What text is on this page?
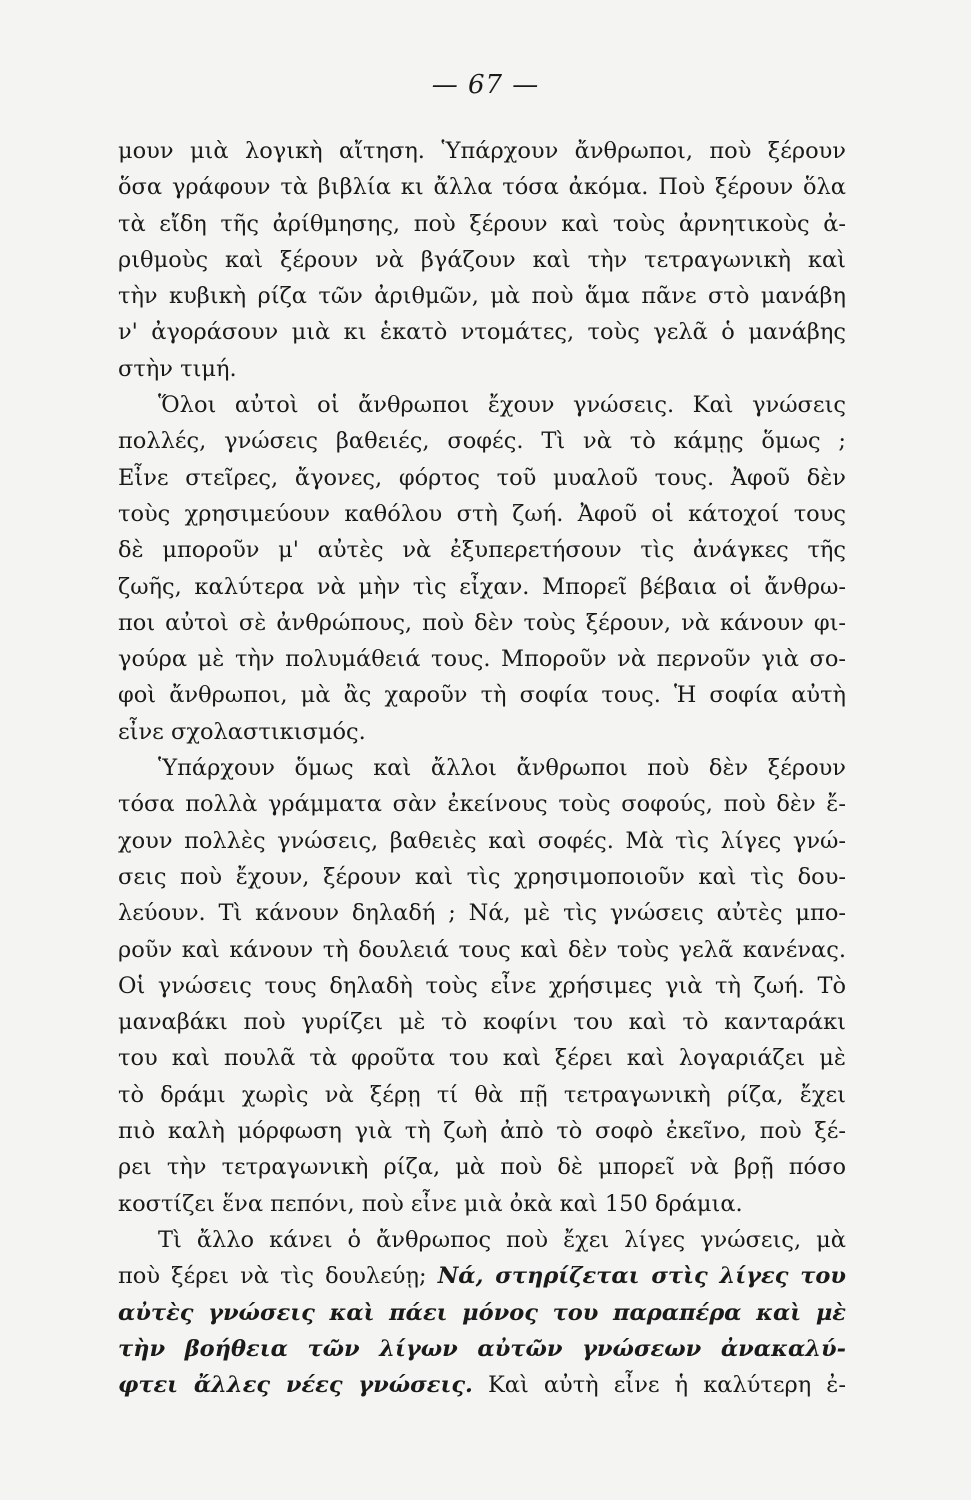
— 67 —
μουν μιὰ λογικὴ αἴτηση. Ὑπάρχουν ἄνθρωποι, ποὺ ξέρουν
ὅσα γράφουν τὰ βιβλία κι ἄλλα τόσα ἀκόμα. Ποὺ ξέρουν ὅλα
τὰ εἴδη τῆς ἀρίθμησης, ποὺ ξέρουν καὶ τοὺς ἀρνητικοὺς ἀ-
ριθμοὺς καὶ ξέρουν νὰ βγάζουν καὶ τὴν τετραγωνικὴ καὶ
τὴν κυβικὴ ρίζα τῶν ἀριθμῶν, μὰ ποὺ ἅμα πᾶνε στὸ μανάβη
ν' ἀγοράσουν μιὰ κι ἑκατὸ ντομάτες, τοὺς γελᾶ ὁ μανάβης
στὴν τιμή.
Ὅλοι αὐτοὶ οἱ ἄνθρωποι ἔχουν γνώσεις. Καὶ γνώσεις
πολλές, γνώσεις βαθειές, σοφές. Τὶ νὰ τὸ κάμῃς ὅμως ;
Εἶνε στεῖρες, ἄγονες, φόρτος τοῦ μυαλοῦ τους. Ἀφοῦ δὲν
τοὺς χρησιμεύουν καθόλου στὴ ζωή. Ἀφοῦ οἱ κάτοχοί τους
δὲ μποροῦν μ' αὐτὲς νὰ ἐξυπερετήσουν τὶς ἀνάγκες τῆς
ζωῆς, καλύτερα νὰ μὴν τὶς εἶχαν. Μπορεῖ βέβαια οἱ ἄνθρω-
ποι αὐτοὶ σὲ ἀνθρώπους, ποὺ δὲν τοὺς ξέρουν, νὰ κάνουν φι-
γούρα μὲ τὴν πολυμάθειά τους. Μποροῦν νὰ περνοῦν γιὰ σο-
φοὶ ἄνθρωποι, μὰ ἂς χαροῦν τὴ σοφία τους. Ἡ σοφία αὐτὴ
εἶνε σχολαστικισμός.
Ὑπάρχουν ὅμως καὶ ἄλλοι ἄνθρωποι ποὺ δὲν ξέρουν
τόσα πολλὰ γράμματα σὰν ἐκείνους τοὺς σοφούς, ποὺ δὲν ἔ-
χουν πολλὲς γνώσεις, βαθειὲς καὶ σοφές. Μὰ τὶς λίγες γνώ-
σεις ποὺ ἔχουν, ξέρουν καὶ τὶς χρησιμοποιοῦν καὶ τὶς δου-
λεύουν. Τὶ κάνουν δηλαδή ; Νά, μὲ τὶς γνώσεις αὐτὲς μπο-
ροῦν καὶ κάνουν τὴ δουλειά τους καὶ δὲν τοὺς γελᾶ κανένας.
Οἱ γνώσεις τους δηλαδὴ τοὺς εἶνε χρήσιμες γιὰ τὴ ζωή. Τὸ
μαναβάκι ποὺ γυρίζει μὲ τὸ κοφίνι του καὶ τὸ κανταράκι
του καὶ πουλᾶ τὰ φροῦτα του καὶ ξέρει καὶ λογαριάζει μὲ
τὸ δράμι χωρὶς νὰ ξέρῃ τί θὰ πῇ τετραγωνικὴ ρίζα, ἔχει
πιὸ καλὴ μόρφωση γιὰ τὴ ζωὴ ἀπὸ τὸ σοφὸ ἐκεῖνο, ποὺ ξέ-
ρει τὴν τετραγωνικὴ ρίζα, μὰ ποὺ δὲ μπορεῖ νὰ βρῇ πόσο
κοστίζει ἕνα πεπόνι, ποὺ εἶνε μιὰ ὀκὰ καὶ 150 δράμια.
Τὶ ἄλλο κάνει ὁ ἄνθρωπος ποὺ ἔχει λίγες γνώσεις, μὰ
ποὺ ξέρει νὰ τὶς δουλεύῃ; Νά, στηρίζεται στὶς λίγες του
αὐτὲς γνώσεις καὶ πάει μόνος του παραπέρα καὶ μὲ
τὴν βοήθεια τῶν λίγων αὐτῶν γνώσεων ἀνακαλύ-
φτει ἄλλες νέες γνώσεις. Καὶ αὐτὴ εἶνε ἡ καλύτερη ἐ-
